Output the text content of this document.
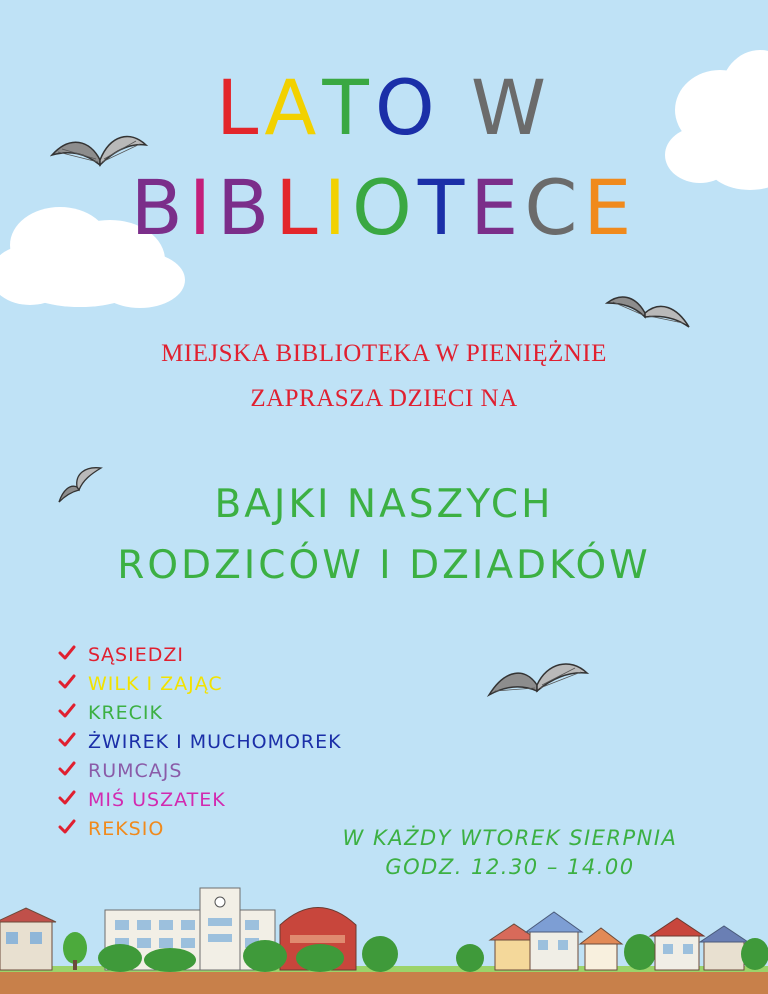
LATO W
BIBLIOTECE
MIEJSKA BIBLIOTEKA W PIENIĘŻNIE
ZAPRASZA DZIECI NA
BAJKI NASZYCH
RODZICÓW I DZIADKÓW
SĄSIEDZI
WILK I ZAJĄC
KRECIK
ŻWIREK I MUCHOMOREK
RUMCAJS
MIŚ USZATEK
REKSIO	W KAŻDY WTOREK SIERPNIA
GODZ. 12.30 – 14.00
